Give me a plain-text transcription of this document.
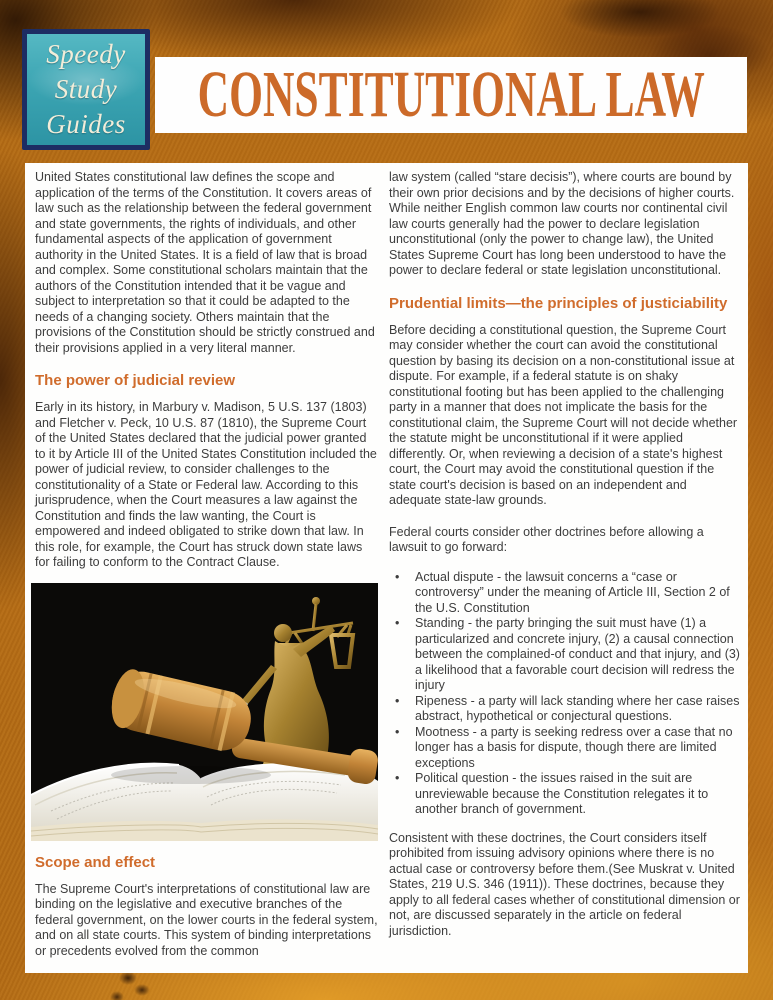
Speedy
Study
Guides CONSTITUTIONAL LAW

United States constitutional law defines the scope and application of the terms of the Constitution. It covers areas of law such as the relationship between the federal government and state governments, the rights of individuals, and other fundamental aspects of the application of government authority in the United States. It is a field of law that is broad and complex. Some constitutional scholars maintain that the authors of the Constitution intended that it be vague and subject to interpretation so that it could be adapted to the needs of a changing society. Others maintain that the provisions of the Constitution should be strictly construed and their provisions applied in a very literal manner.

The power of judicial review

Early in its history, in Marbury v. Madison, 5 U.S. 137 (1803) and Fletcher v. Peck, 10 U.S. 87 (1810), the Supreme Court of the United States declared that the judicial power granted to it by Article III of the United States Constitution included the power of judicial review, to consider challenges to the constitutionality of a State or Federal law. According to this jurisprudence, when the Court measures a law against the Constitution and finds the law wanting, the Court is empowered and indeed obligated to strike down that law. In this role, for example, the Court has struck down state laws for failing to conform to the Contract Clause.

Scope and effect

The Supreme Court's interpretations of constitutional law are binding on the legislative and executive branches of the federal government, on the lower courts in the federal system, and on all state courts. This system of binding interpretations or precedents evolved from the common

law system (called “stare decisis”), where courts are bound by their own prior decisions and by the decisions of higher courts. While neither English common law courts nor continental civil law courts generally had the power to declare legislation unconstitutional (only the power to change law), the United States Supreme Court has long been understood to have the power to declare federal or state legislation unconstitutional.

Prudential limits—the principles of justiciability

Before deciding a constitutional question, the Supreme Court may consider whether the court can avoid the constitutional question by basing its decision on a non-constitutional issue at dispute. For example, if a federal statute is on shaky constitutional footing but has been applied to the challenging party in a manner that does not implicate the basis for the constitutional claim, the Supreme Court will not decide whether the statute might be unconstitutional if it were applied differently. Or, when reviewing a decision of a state's highest court, the Court may avoid the constitutional question if the state court's decision is based on an independent and adequate state-law grounds.

Federal courts consider other doctrines before allowing a lawsuit to go forward:

• Actual dispute - the lawsuit concerns a “case or controversy” under the meaning of Article III, Section 2 of the U.S. Constitution
• Standing - the party bringing the suit must have (1) a particularized and concrete injury, (2) a causal connection between the complained-of conduct and that injury, and (3) a likelihood that a favorable court decision will redress the injury
• Ripeness - a party will lack standing where her case raises abstract, hypothetical or conjectural questions.
• Mootness - a party is seeking redress over a case that no longer has a basis for dispute, though there are limited exceptions
• Political question - the issues raised in the suit are unreviewable because the Constitution relegates it to another branch of government.

Consistent with these doctrines, the Court considers itself prohibited from issuing advisory opinions where there is no actual case or controversy before them.(See Muskrat v. United States, 219 U.S. 346 (1911)). These doctrines, because they apply to all federal cases whether of constitutional dimension or not, are discussed separately in the article on federal jurisdiction.
